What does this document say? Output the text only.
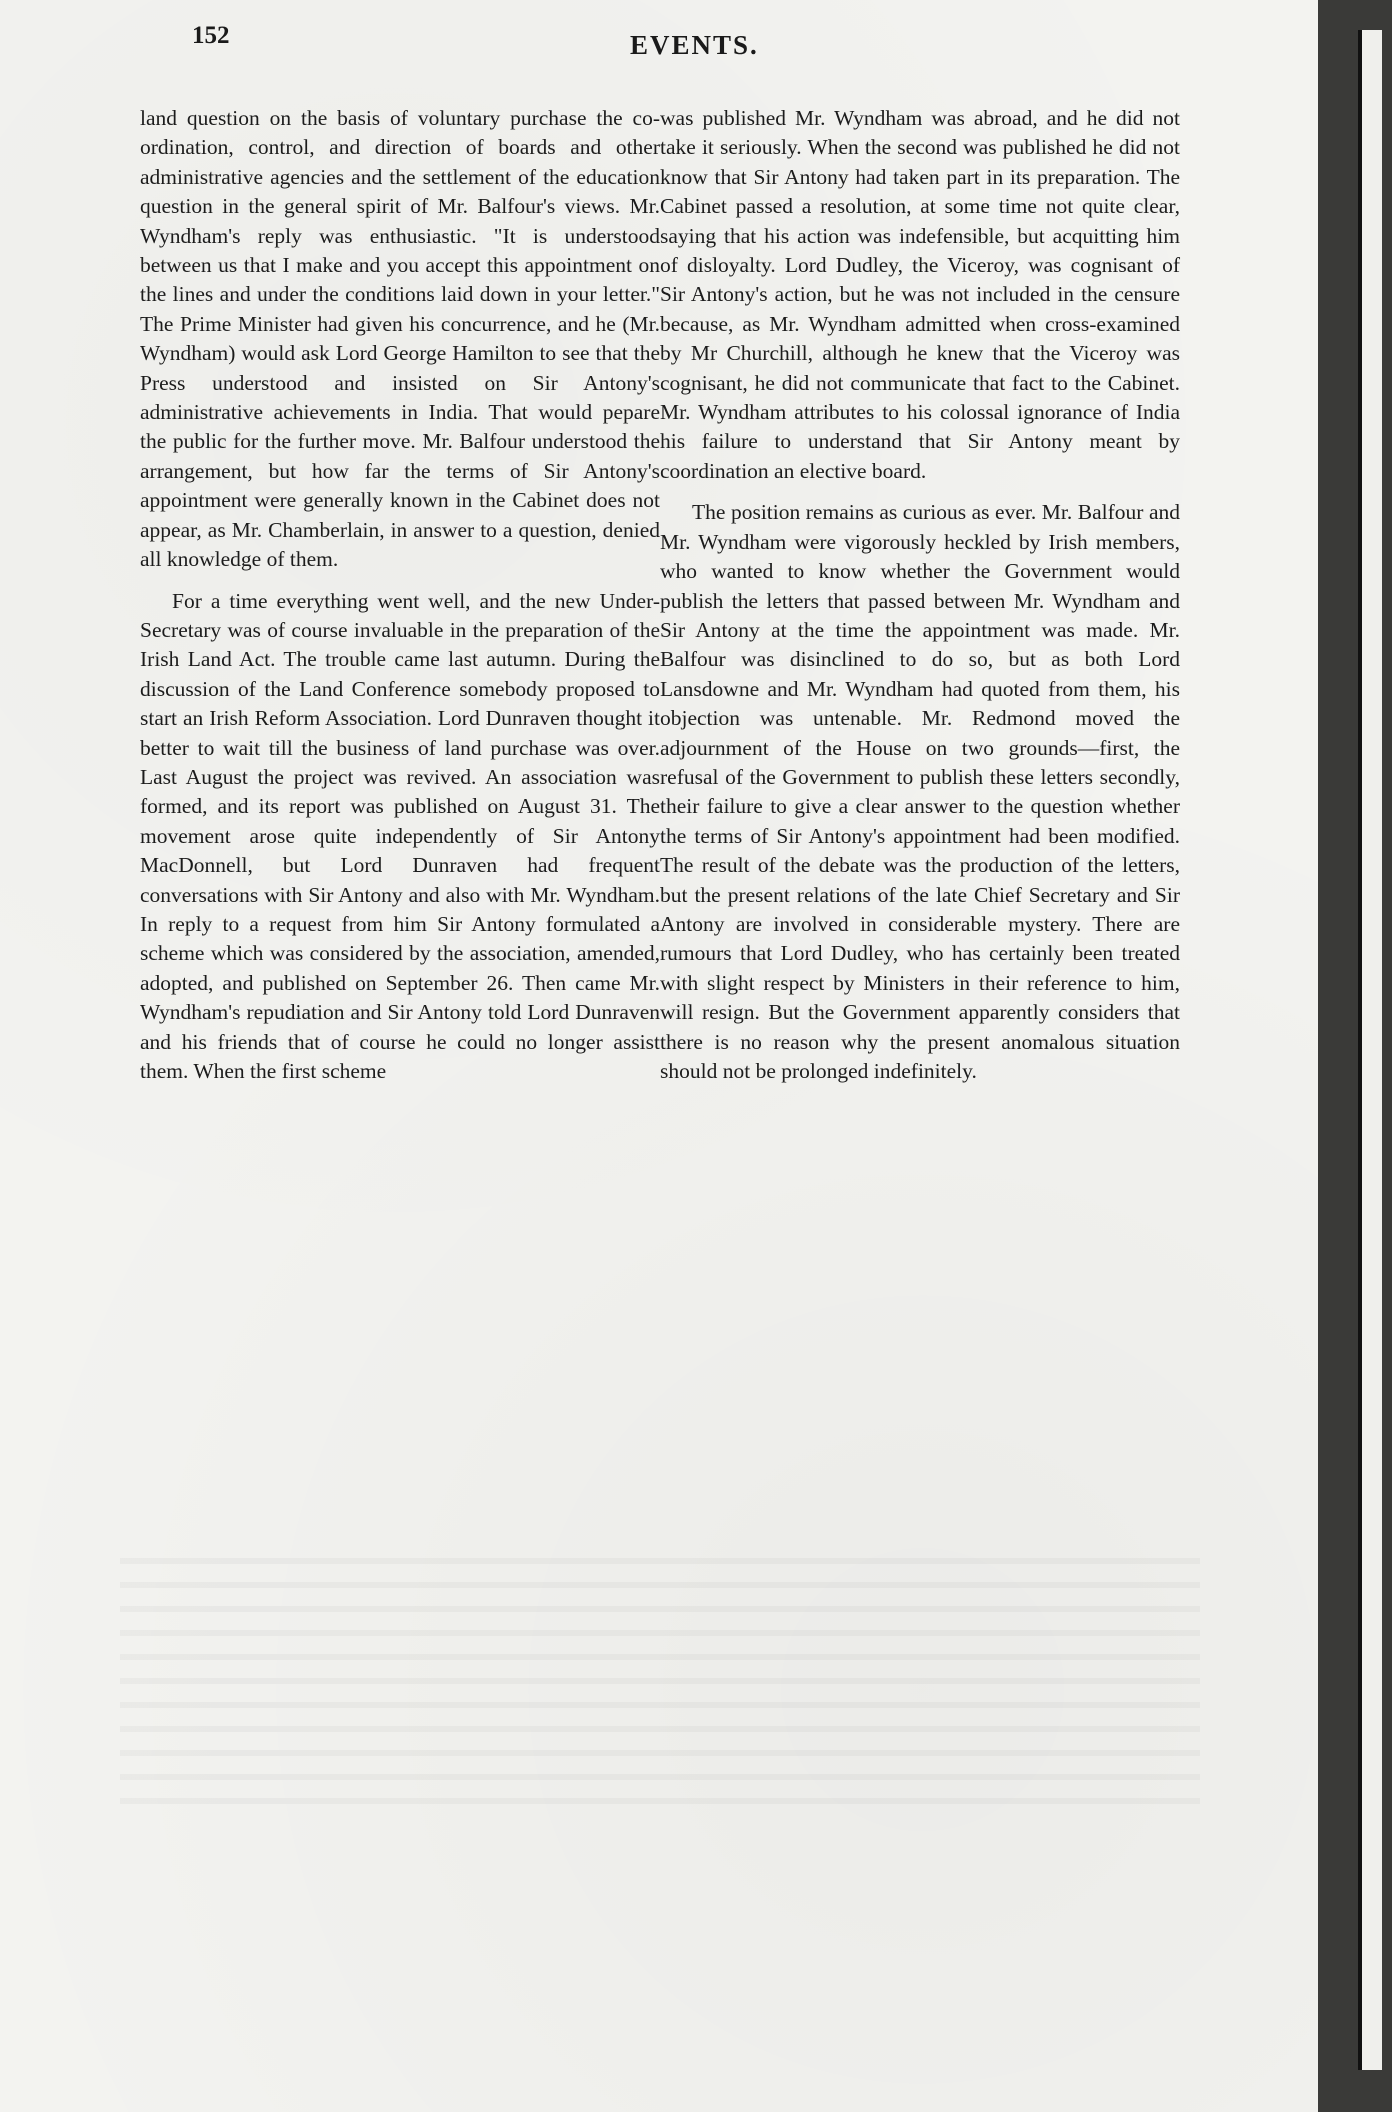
152	EVENTS.

land question on the basis of voluntary purchase the co-ordination, control, and direction of boards and other administrative agencies and the settlement of the education question in the general spirit of Mr. Balfour's views. Mr. Wyndham's reply was enthusiastic. "It is understood between us that I make and you accept this appointment on the lines and under the conditions laid down in your letter." The Prime Minister had given his concurrence, and he (Mr. Wyndham) would ask Lord George Hamilton to see that the Press understood and insisted on Sir Antony's administrative achievements in India. That would pepare the public for the further move. Mr. Balfour understood the arrangement, but how far the terms of Sir Antony's appointment were generally known in the Cabinet does not appear, as Mr. Chamberlain, in answer to a question, denied all knowledge of them.

For a time everything went well, and the new Under-Secretary was of course invaluable in the preparation of the Irish Land Act. The trouble came last autumn. During the discussion of the Land Conference somebody proposed to start an Irish Reform Association. Lord Dunraven thought it better to wait till the business of land purchase was over. Last August the project was revived. An association was formed, and its report was published on August 31. The movement arose quite independently of Sir Antony MacDonnell, but Lord Dunraven had frequent conversations with Sir Antony and also with Mr. Wyndham. In reply to a request from him Sir Antony formulated a scheme which was considered by the association, amended, adopted, and published on September 26. Then came Mr. Wyndham's repudiation and Sir Antony told Lord Dunraven and his friends that of course he could no longer assist them. When the first scheme

was published Mr. Wyndham was abroad, and he did not take it seriously. When the second was published he did not know that Sir Antony had taken part in its preparation. The Cabinet passed a resolution, at some time not quite clear, saying that his action was indefensible, but acquitting him of disloyalty. Lord Dudley, the Viceroy, was cognisant of Sir Antony's action, but he was not included in the censure because, as Mr. Wyndham admitted when cross-examined by Mr Churchill, although he knew that the Viceroy was cognisant, he did not communicate that fact to the Cabinet. Mr. Wyndham attributes to his colossal ignorance of India his failure to understand that Sir Antony meant by coordination an elective board.

The position remains as curious as ever. Mr. Balfour and Mr. Wyndham were vigorously heckled by Irish members, who wanted to know whether the Government would publish the letters that passed between Mr. Wyndham and Sir Antony at the time the appointment was made. Mr. Balfour was disinclined to do so, but as both Lord Lansdowne and Mr. Wyndham had quoted from them, his objection was untenable. Mr. Redmond moved the adjournment of the House on two grounds—first, the refusal of the Government to publish these letters secondly, their failure to give a clear answer to the question whether the terms of Sir Antony's appointment had been modified. The result of the debate was the production of the letters, but the present relations of the late Chief Secretary and Sir Antony are involved in considerable mystery. There are rumours that Lord Dudley, who has certainly been treated with slight respect by Ministers in their reference to him, will resign. But the Government apparently considers that there is no reason why the present anomalous situation should not be prolonged indefinitely.
